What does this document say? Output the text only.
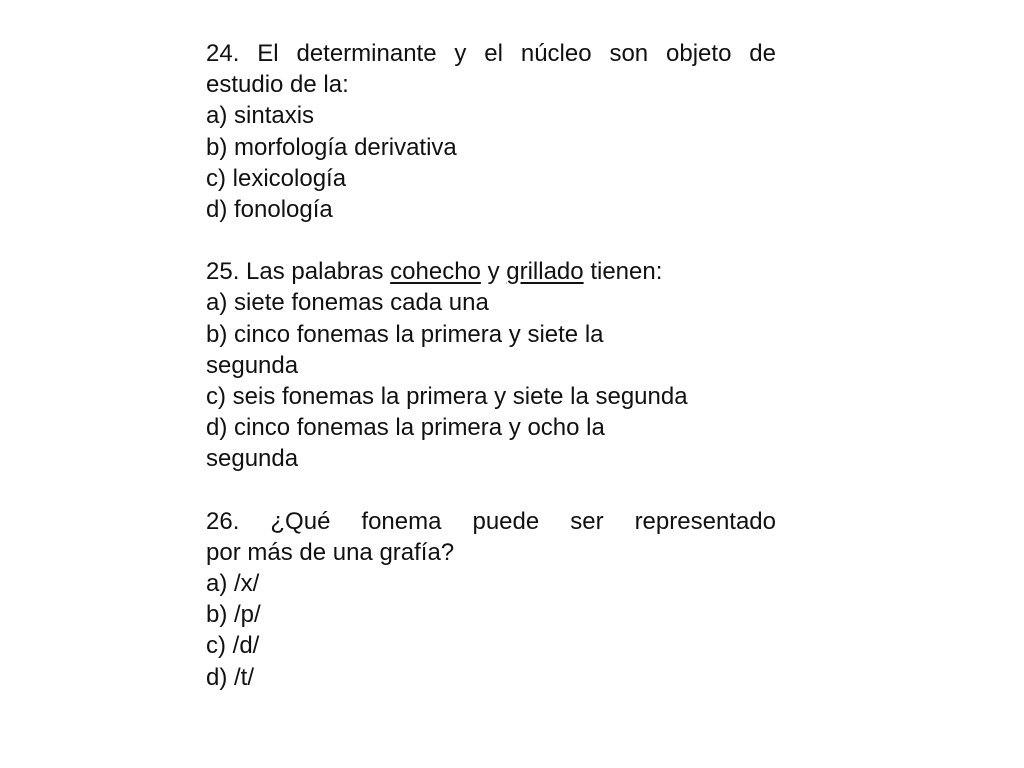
24. El determinante y el núcleo son objeto de
estudio de la:
a) sintaxis
b) morfología derivativa
c) lexicología
d) fonología
25. Las palabras cohecho y grillado tienen:
a) siete fonemas cada una
b) cinco fonemas la primera y siete la
segunda
c) seis fonemas la primera y siete la segunda
d) cinco fonemas la primera y ocho la
segunda
26. ¿Qué fonema puede ser representado
por más de una grafía?
a) /x/
b) /p/
c) /d/
d) /t/
